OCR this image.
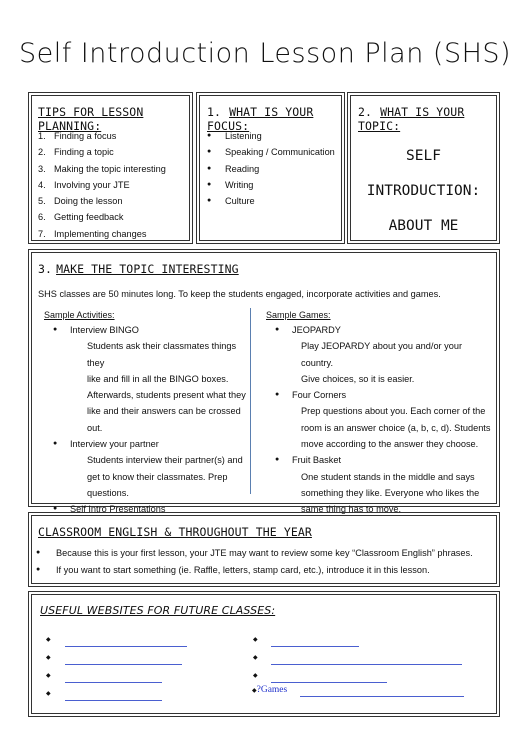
Self Introduction Lesson Plan (SHS)
TIPS FOR LESSON PLANNING:
1. Finding a focus
2. Finding a topic
3. Making the topic interesting
4. Involving your JTE
5. Doing the lesson
6. Getting feedback
7. Implementing changes
1. WHAT IS YOUR FOCUS:
●	Listening
●	Speaking / Communication
●	Reading
●	Writing
●	Culture
2. WHAT IS YOUR TOPIC:
SELF INTRODUCTION:
ABOUT ME
3. MAKE THE TOPIC INTERESTING
SHS classes are 50 minutes long. To keep the students engaged, incorporate activities and games.
Sample Activities:
●	Interview BINGO
Students ask their classmates things they
like and fill in all the BINGO boxes.
Afterwards, students present what they
like and their answers can be crossed out.
●	Interview your partner
Students interview their partner(s) and
get to know their classmates. Prep
questions.
●	Self Intro Presentations
Sample Games:
●	JEOPARDY
Play JEOPARDY about you and/or your country.
Give choices, so it is easier.
●	Four Corners
Prep questions about you. Each corner of the
room is an answer choice (a, b, c, d). Students
move according to the answer they choose.
●	Fruit Basket
One student stands in the middle and says
something they like. Everyone who likes the
same thing has to move.
CLASSROOM ENGLISH & THROUGHOUT THE YEAR
●	Because this is your first lesson, your JTE may want to review some key “Classroom English” phrases.
●	If you want to start something (ie. Raffle, letters, stamp card, etc.), introduce it in this lesson.
USEFUL WEBSITES FOR FUTURE CLASSES:
◆
◆
◆
◆
◆
◆
◆
◆?Games
